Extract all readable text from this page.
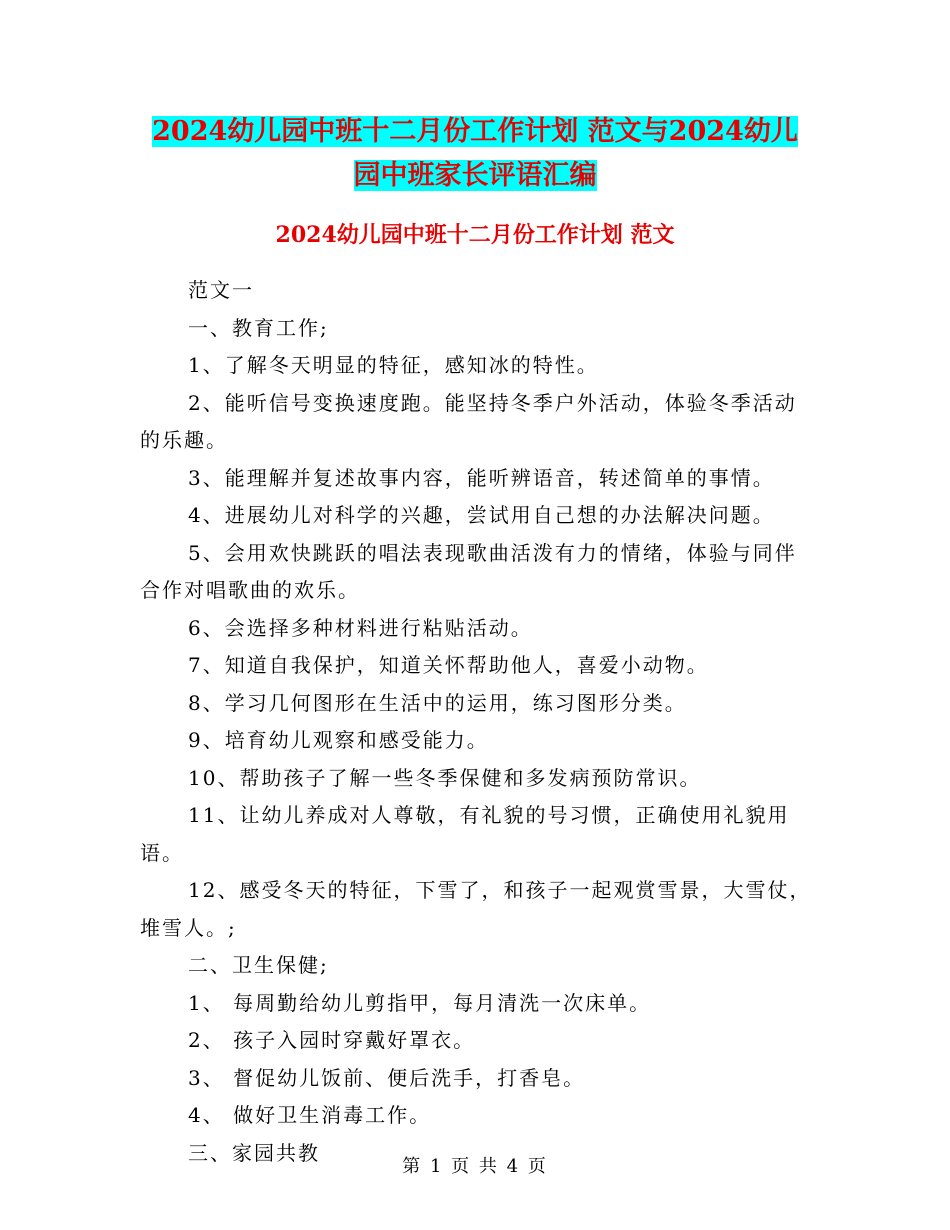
2024幼儿园中班十二月份工作计划 范文与2024幼儿
园中班家长评语汇编
2024幼儿园中班十二月份工作计划 范文

范文一

一、教育工作;

1、了解冬天明显的特征，感知冰的特性。

2、能听信号变换速度跑。能坚持冬季户外活动，体验冬季活动的乐趣。

3、能理解并复述故事内容，能听辨语音，转述简单的事情。

4、进展幼儿对科学的兴趣，尝试用自己想的办法解决问题。

5、会用欢快跳跃的唱法表现歌曲活泼有力的情绪，体验与同伴合作对唱歌曲的欢乐。

6、会选择多种材料进行粘贴活动。

7、知道自我保护，知道关怀帮助他人，喜爱小动物。

8、学习几何图形在生活中的运用，练习图形分类。

9、培育幼儿观察和感受能力。

10、帮助孩子了解一些冬季保健和多发病预防常识。

11、让幼儿养成对人尊敬，有礼貌的号习惯，正确使用礼貌用语。

12、感受冬天的特征，下雪了，和孩子一起观赏雪景，大雪仗，堆雪人。;

二、卫生保健;

1、 每周勤给幼儿剪指甲，每月清洗一次床单。

2、 孩子入园时穿戴好罩衣。

3、 督促幼儿饭前、便后洗手，打香皂。

4、 做好卫生消毒工作。

三、家园共教

第 1 页 共 4 页
